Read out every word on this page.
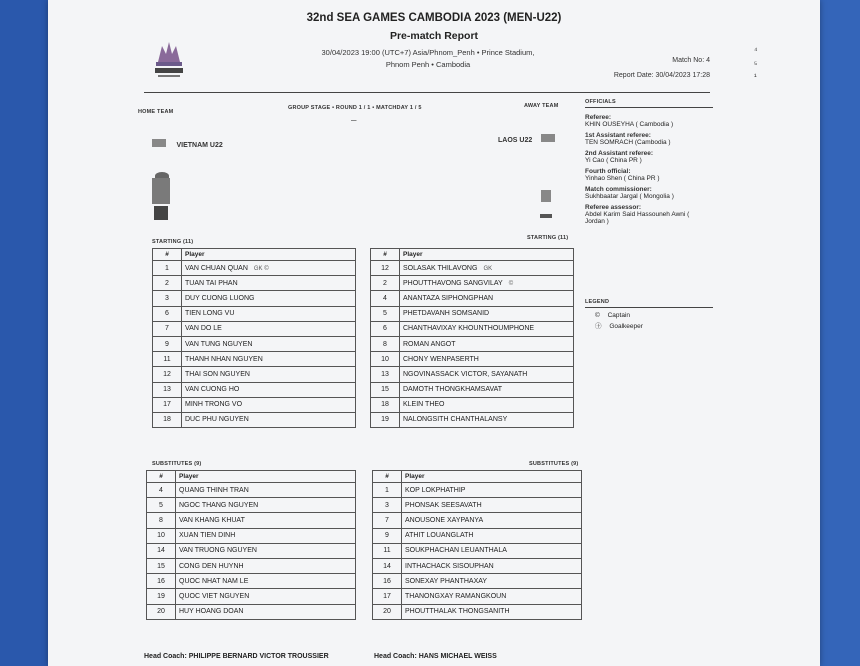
32nd SEA GAMES CAMBODIA 2023 (MEN-U22)
Pre-match Report
30/04/2023 19:00 (UTC+7) Asia/Phnom_Penh • Prince Stadium,
Phnom Penh • Cambodia	Match No: 4
Report Date: 30/04/2023 17:28
⁴
⁵
¹
HOME TEAM
GROUP STAGE • ROUND 1 / 1 • MATCHDAY 1 / 5	AWAY TEAM
—
VIETNAM U22
LAOS U22
OFFICIALS
Referee:
KHIN OUSEYHA ( Cambodia )
1st Assistant referee:
TEN SOMRACH (Cambodia )
2nd Assistant referee:
Yi Cao ( China PR )
Fourth official:
Yinhao Shen ( China PR )
Match commissioner:
Sukhbaatar Jargal ( Mongolia )
Referee assessor:
Abdel Karim Said Hassouneh Awni (
Jordan )
LEGEND
© Captain
㊉ Goalkeeper
STARTING (11)
STARTING (11)
#	Player
1	VAN CHUAN QUAN GK ©
2	TUAN TAI PHAN
3	DUY CUONG LUONG
6	TIEN LONG VU
7	VAN DO LE
9	VAN TUNG NGUYEN
11	THANH NHAN NGUYEN
12	THAI SON NGUYEN
13	VAN CUONG HO
17	MINH TRONG VO
18	DUC PHU NGUYEN
#	Player
12	SOLASAK THILAVONG GK
2	PHOUTTHAVONG SANGVILAY ©
4	ANANTAZA SIPHONGPHAN
5	PHETDAVANH SOMSANID
6	CHANTHAVIXAY KHOUNTHOUMPHONE
8	ROMAN ANGOT
10	CHONY WENPASERTH
13	NGOVINASSACK VICTOR, SAYANATH
15	DAMOTH THONGKHAMSAVAT
18	KLEIN THEO
19	NALONGSITH CHANTHALANSY
SUBSTITUTES (9)	SUBSTITUTES (9)
#	Player
4	QUANG THINH TRAN
5	NGOC THANG NGUYEN
8	VAN KHANG KHUAT
10	XUAN TIEN DINH
14	VAN TRUONG NGUYEN
15	CONG DEN HUYNH
16	QUOC NHAT NAM LE
19	QUOC VIET NGUYEN
20	HUY HOANG DOAN
#	Player
1	KOP LOKPHATHIP
3	PHONSAK SEESAVATH
7	ANOUSONE XAYPANYA
9	ATHIT LOUANGLATH
11	SOUKPHACHAN LEUANTHALA
14	INTHACHACK SISOUPHAN
16	SONEXAY PHANTHAXAY
17	THANONGXAY RAMANGKOUN
20	PHOUTTHALAK THONGSANITH
Head Coach: PHILIPPE BERNARD VICTOR TROUSSIER	Head Coach: HANS MICHAEL WEISS
